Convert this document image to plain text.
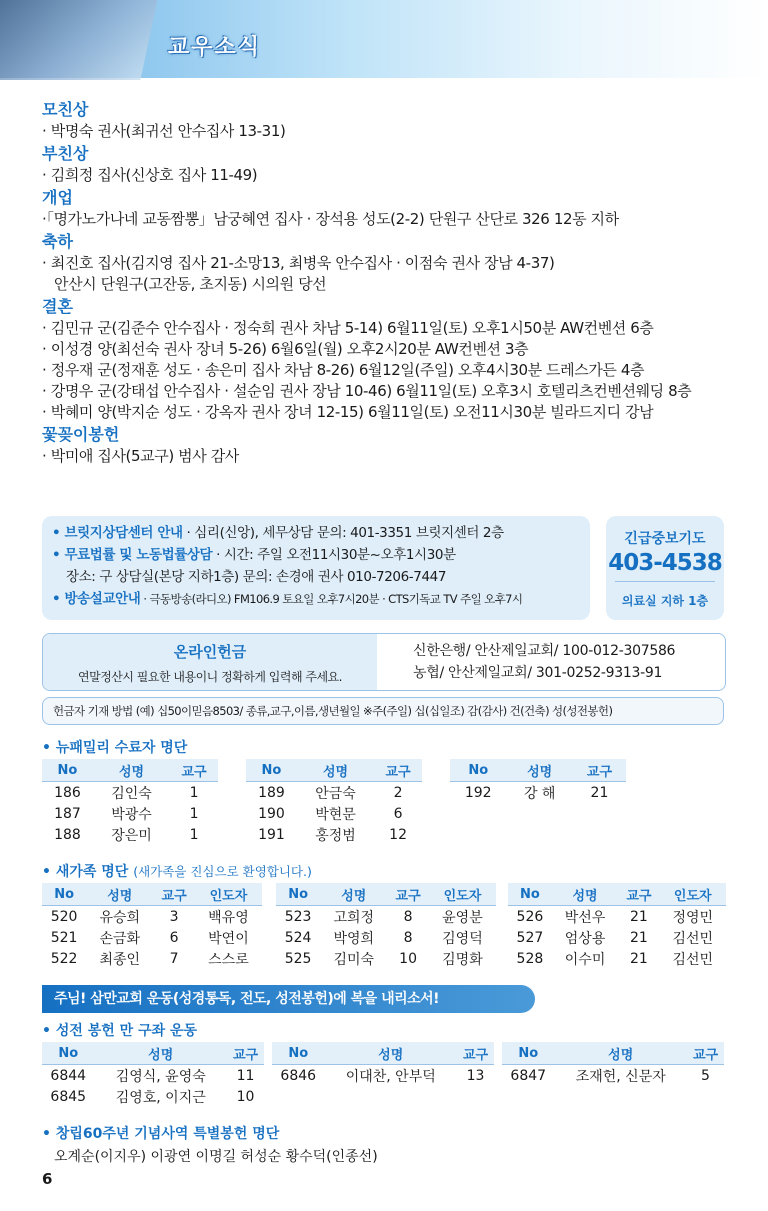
교우소식
모친상
· 박명숙 권사(최귀선 안수집사 13-31)
부친상
· 김희정 집사(신상호 집사 11-49)
개업
·「명가노가나네 교동짬뽕」남궁혜연 집사 · 장석용 성도(2-2) 단원구 산단로 326 12동 지하
축하
· 최진호 집사(김지영 집사 21-소망13, 최병욱 안수집사 · 이점숙 권사 장남 4-37)
안산시 단원구(고잔동, 초지동) 시의원 당선
결혼
· 김민규 군(김준수 안수집사 · 정숙희 권사 차남 5-14) 6월11일(토) 오후1시50분 AW컨벤션 6층
· 이성경 양(최선숙 권사 장녀 5-26) 6월6일(월) 오후2시20분 AW컨벤션 3층
· 정우재 군(정재훈 성도 · 송은미 집사 차남 8-26) 6월12일(주일) 오후4시30분 드레스가든 4층
· 강명우 군(강태섭 안수집사 · 설순임 권사 장남 10-46) 6월11일(토) 오후3시 호텔리츠컨벤션웨딩 8층
· 박혜미 양(박지순 성도 · 강옥자 권사 장녀 12-15) 6월11일(토) 오전11시30분 빌라드지디 강남
꽃꽂이봉헌
· 박미애 집사(5교구) 범사 감사
• 브릿지상담센터 안내 · 심리(신앙), 세무상담 문의: 401-3351 브릿지센터 2층
• 무료법률 및 노동법률상담 · 시간: 주일 오전11시30분~오후1시30분
장소: 구 상담실(본당 지하1층) 문의: 손경애 권사 010-7206-7447
• 방송설교안내 · 극동방송(라디오) FM106.9 토요일 오후7시20분 · CTS기독교 TV 주일 오후7시
긴급중보기도
403-4538
의료실 지하 1층
온라인헌금
연말정산시 필요한 내용이니 정확하게 입력해 주세요.
신한은행/ 안산제일교회/ 100-012-307586
농협/ 안산제일교회/ 301-0252-9313-91
헌금자 기재 방법 (예) 십50이믿음8503/ 종류,교구,이름,생년월일 ※주(주일) 십(십일조) 감(감사) 건(건축) 성(성전봉헌)
• 뉴패밀리 수료자 명단
No	성명	교구
186	김인숙	1
187	박광수	1
188	장은미	1
No	성명	교구
189	안금숙	2
190	박현문	6
191	홍정범	12
No	성명	교구
192	강 해	21
• 새가족 명단 (새가족을 진심으로 환영합니다.)
No	성명	교구	인도자
520	유승희	3	백유영
521	손금화	6	박연이
522	최종인	7	스스로
No	성명	교구	인도자
523	고희정	8	윤영분
524	박영희	8	김영덕
525	김미숙	10	김명화
No	성명	교구	인도자
526	박선우	21	정영민
527	엄상용	21	김선민
528	이수미	21	김선민
주님! 삼만교회 운동(성경통독, 전도, 성전봉헌)에 복을 내리소서!
• 성전 봉헌 만 구좌 운동
No	성명	교구
6844	김영식, 윤영숙	11
6845	김영호, 이지근	10
No	성명	교구
6846	이대찬, 안부덕	13
No	성명	교구
6847	조재헌, 신문자	5
• 창립60주년 기념사역 특별봉헌 명단
오계순(이지우) 이광연 이명길 허성순 황수덕(인종선)
6
